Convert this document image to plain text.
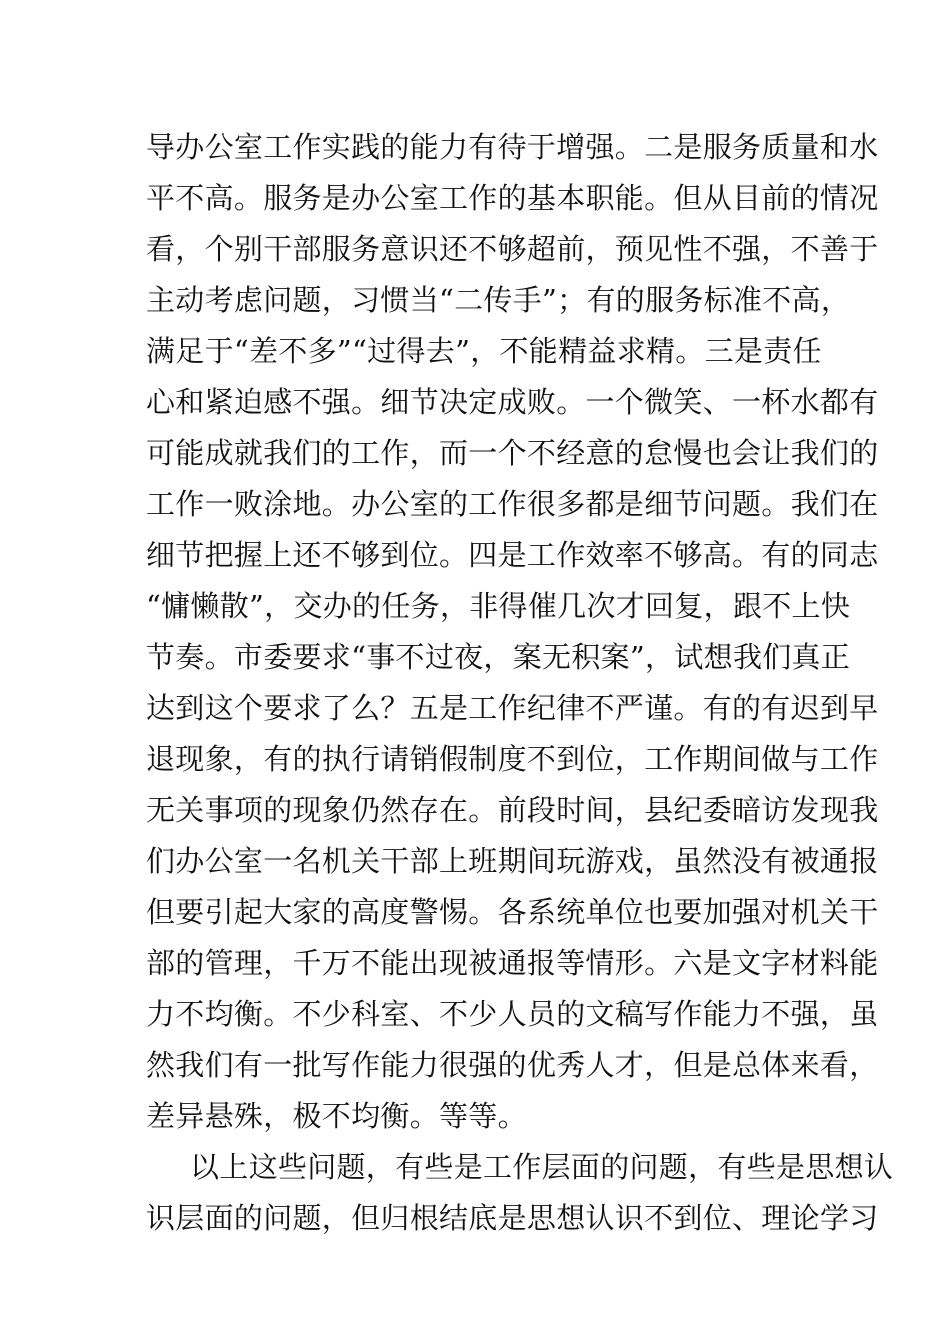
导办公室工作实践的能力有待于增强。二是服务质量和水
平不高。服务是办公室工作的基本职能。但从目前的情况
看，个别干部服务意识还不够超前，预见性不强，不善于
主动考虑问题，习惯当“二传手”；有的服务标准不高，
满足于“差不多”“过得去”，不能精益求精。三是责任
心和紧迫感不强。细节决定成败。一个微笑、一杯水都有
可能成就我们的工作，而一个不经意的怠慢也会让我们的
工作一败涂地。办公室的工作很多都是细节问题。我们在
细节把握上还不够到位。四是工作效率不够高。有的同志
“慵懒散”，交办的任务，非得催几次才回复，跟不上快
节奏。市委要求“事不过夜，案无积案”，试想我们真正
达到这个要求了么？五是工作纪律不严谨。有的有迟到早
退现象，有的执行请销假制度不到位，工作期间做与工作
无关事项的现象仍然存在。前段时间，县纪委暗访发现我
们办公室一名机关干部上班期间玩游戏，虽然没有被通报
但要引起大家的高度警惕。各系统单位也要加强对机关干
部的管理，千万不能出现被通报等情形。六是文字材料能
力不均衡。不少科室、不少人员的文稿写作能力不强，虽
然我们有一批写作能力很强的优秀人才，但是总体来看，
差异悬殊，极不均衡。等等。
以上这些问题，有些是工作层面的问题，有些是思想认
识层面的问题，但归根结底是思想认识不到位、理论学习
